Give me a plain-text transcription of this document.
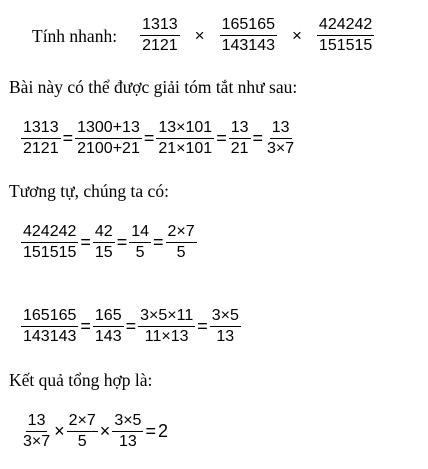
Tính nhanh: $\frac{1313}{2121} \times \frac{165165}{143143} \times \frac{424242}{151515}$
Bài này có thể được giải tóm tắt như sau:
$\frac{1313}{2121} = \frac{1300+13}{2100+21} = \frac{13\times 101}{21\times 101} = \frac{13}{21} = \frac{13}{3\times 7}$
Tương tự, chúng ta có:
$\frac{424242}{151515} = \frac{42}{15} = \frac{14}{5} = \frac{2\times 7}{5}$
$\frac{165165}{143143} = \frac{165}{143} = \frac{3\times 5\times 11}{11\times 13} = \frac{3\times 5}{13}$
Kết quả tổng hợp là:
$\frac{13}{3\times 7} \times \frac{2\times 7}{5} \times \frac{3\times 5}{13} = 2$
